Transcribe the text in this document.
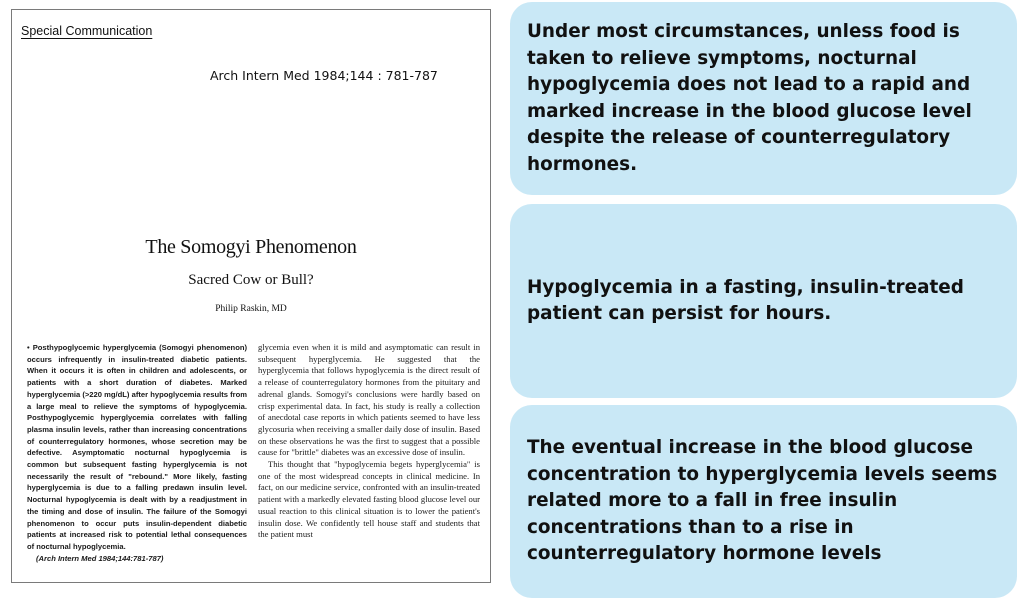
Special Communication
Arch Intern Med 1984;144 : 781-787
The Somogyi Phenomenon
Sacred Cow or Bull?
Philip Raskin, MD
• Posthypoglycemic hyperglycemia (Somogyi phenomenon) occurs infrequently in insulin-treated diabetic patients. When it occurs it is often in children and adolescents, or patients with a short duration of diabetes. Marked hyperglycemia (>220 mg/dL) after hypoglycemia results from a large meal to relieve the symptoms of hypoglycemia. Posthypoglycemic hyperglycemia correlates with falling plasma insulin levels, rather than increasing concentrations of counterregulatory hormones, whose secretion may be defective. Asymptomatic nocturnal hypoglycemia is common but subsequent fasting hyperglycemia is not necessarily the result of "rebound." More likely, fasting hyperglycemia is due to a falling predawn insulin level. Nocturnal hypoglycemia is dealt with by a readjustment in the timing and dose of insulin. The failure of the Somogyi phenomenon to occur puts insulin-dependent diabetic patients at increased risk to potential lethal consequences of nocturnal hypoglycemia.
(Arch Intern Med 1984;144:781-787)

glycemia even when it is mild and asymptomatic can result in subsequent hyperglycemia. He suggested that the hyperglycemia that follows hypoglycemia is the direct result of a release of counterregulatory hormones from the pituitary and adrenal glands. Somogyi's conclusions were hardly based on crisp experimental data. In fact, his study is really a collection of anecdotal case reports in which patients seemed to have less glycosuria when receiving a smaller daily dose of insulin. Based on these observations he was the first to suggest that a possible cause for "brittle" diabetes was an excessive dose of insulin.

This thought that "hypoglycemia begets hyperglycemia" is one of the most widespread concepts in clinical medicine. In fact, on our medicine service, confronted with an insulin-treated patient with a markedly elevated fasting blood glucose level our usual reaction to this clinical situation is to lower the patient's insulin dose. We confidently tell house staff and students that the patient must

Under most circumstances, unless food is taken to relieve symptoms, nocturnal hypoglycemia does not lead to a rapid and marked increase in the blood glucose level despite the release of counterregulatory hormones.
Hypoglycemia in a fasting, insulin-treated patient can persist for hours.
The eventual increase in the blood glucose concentration to hyperglycemia levels seems related more to a fall in free insulin concentrations than to a rise in counterregulatory hormone levels
